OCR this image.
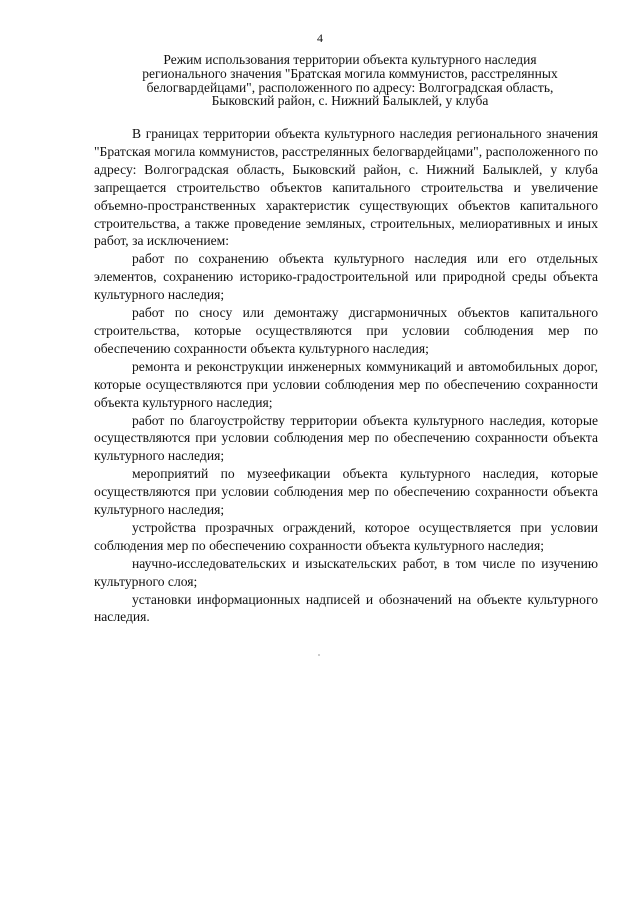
4
Режим использования территории объекта культурного наследия
регионального значения "Братская могила коммунистов, расстрелянных
белогвардейцами", расположенного по адресу: Волгоградская область,
Быковский район, с. Нижний Балыклей, у клуба

В границах территории объекта культурного наследия регионального значения "Братская могила коммунистов, расстрелянных белогвардейцами", расположенного по адресу: Волгоградская область, Быковский район, с. Нижний Балыклей, у клуба запрещается строительство объектов капитального строительства и увеличение объемно-пространственных характеристик существующих объектов капитального строительства, а также проведение земляных, строительных, мелиоративных и иных работ, за исключением:

работ по сохранению объекта культурного наследия или его отдельных элементов, сохранению историко-градостроительной или природной среды объекта культурного наследия;

работ по сносу или демонтажу дисгармоничных объектов капитального строительства, которые осуществляются при условии соблюдения мер по обеспечению сохранности объекта культурного наследия;

ремонта и реконструкции инженерных коммуникаций и автомобильных дорог, которые осуществляются при условии соблюдения мер по обеспечению сохранности объекта культурного наследия;

работ по благоустройству территории объекта культурного наследия, которые осуществляются при условии соблюдения мер по обеспечению сохранности объекта культурного наследия;

мероприятий по музеефикации объекта культурного наследия, которые осуществляются при условии соблюдения мер по обеспечению сохранности объекта культурного наследия;

устройства прозрачных ограждений, которое осуществляется при условии соблюдения мер по обеспечению сохранности объекта культурного наследия;

научно-исследовательских и изыскательских работ, в том числе по изучению культурного слоя;

установки информационных надписей и обозначений на объекте культурного наследия.
